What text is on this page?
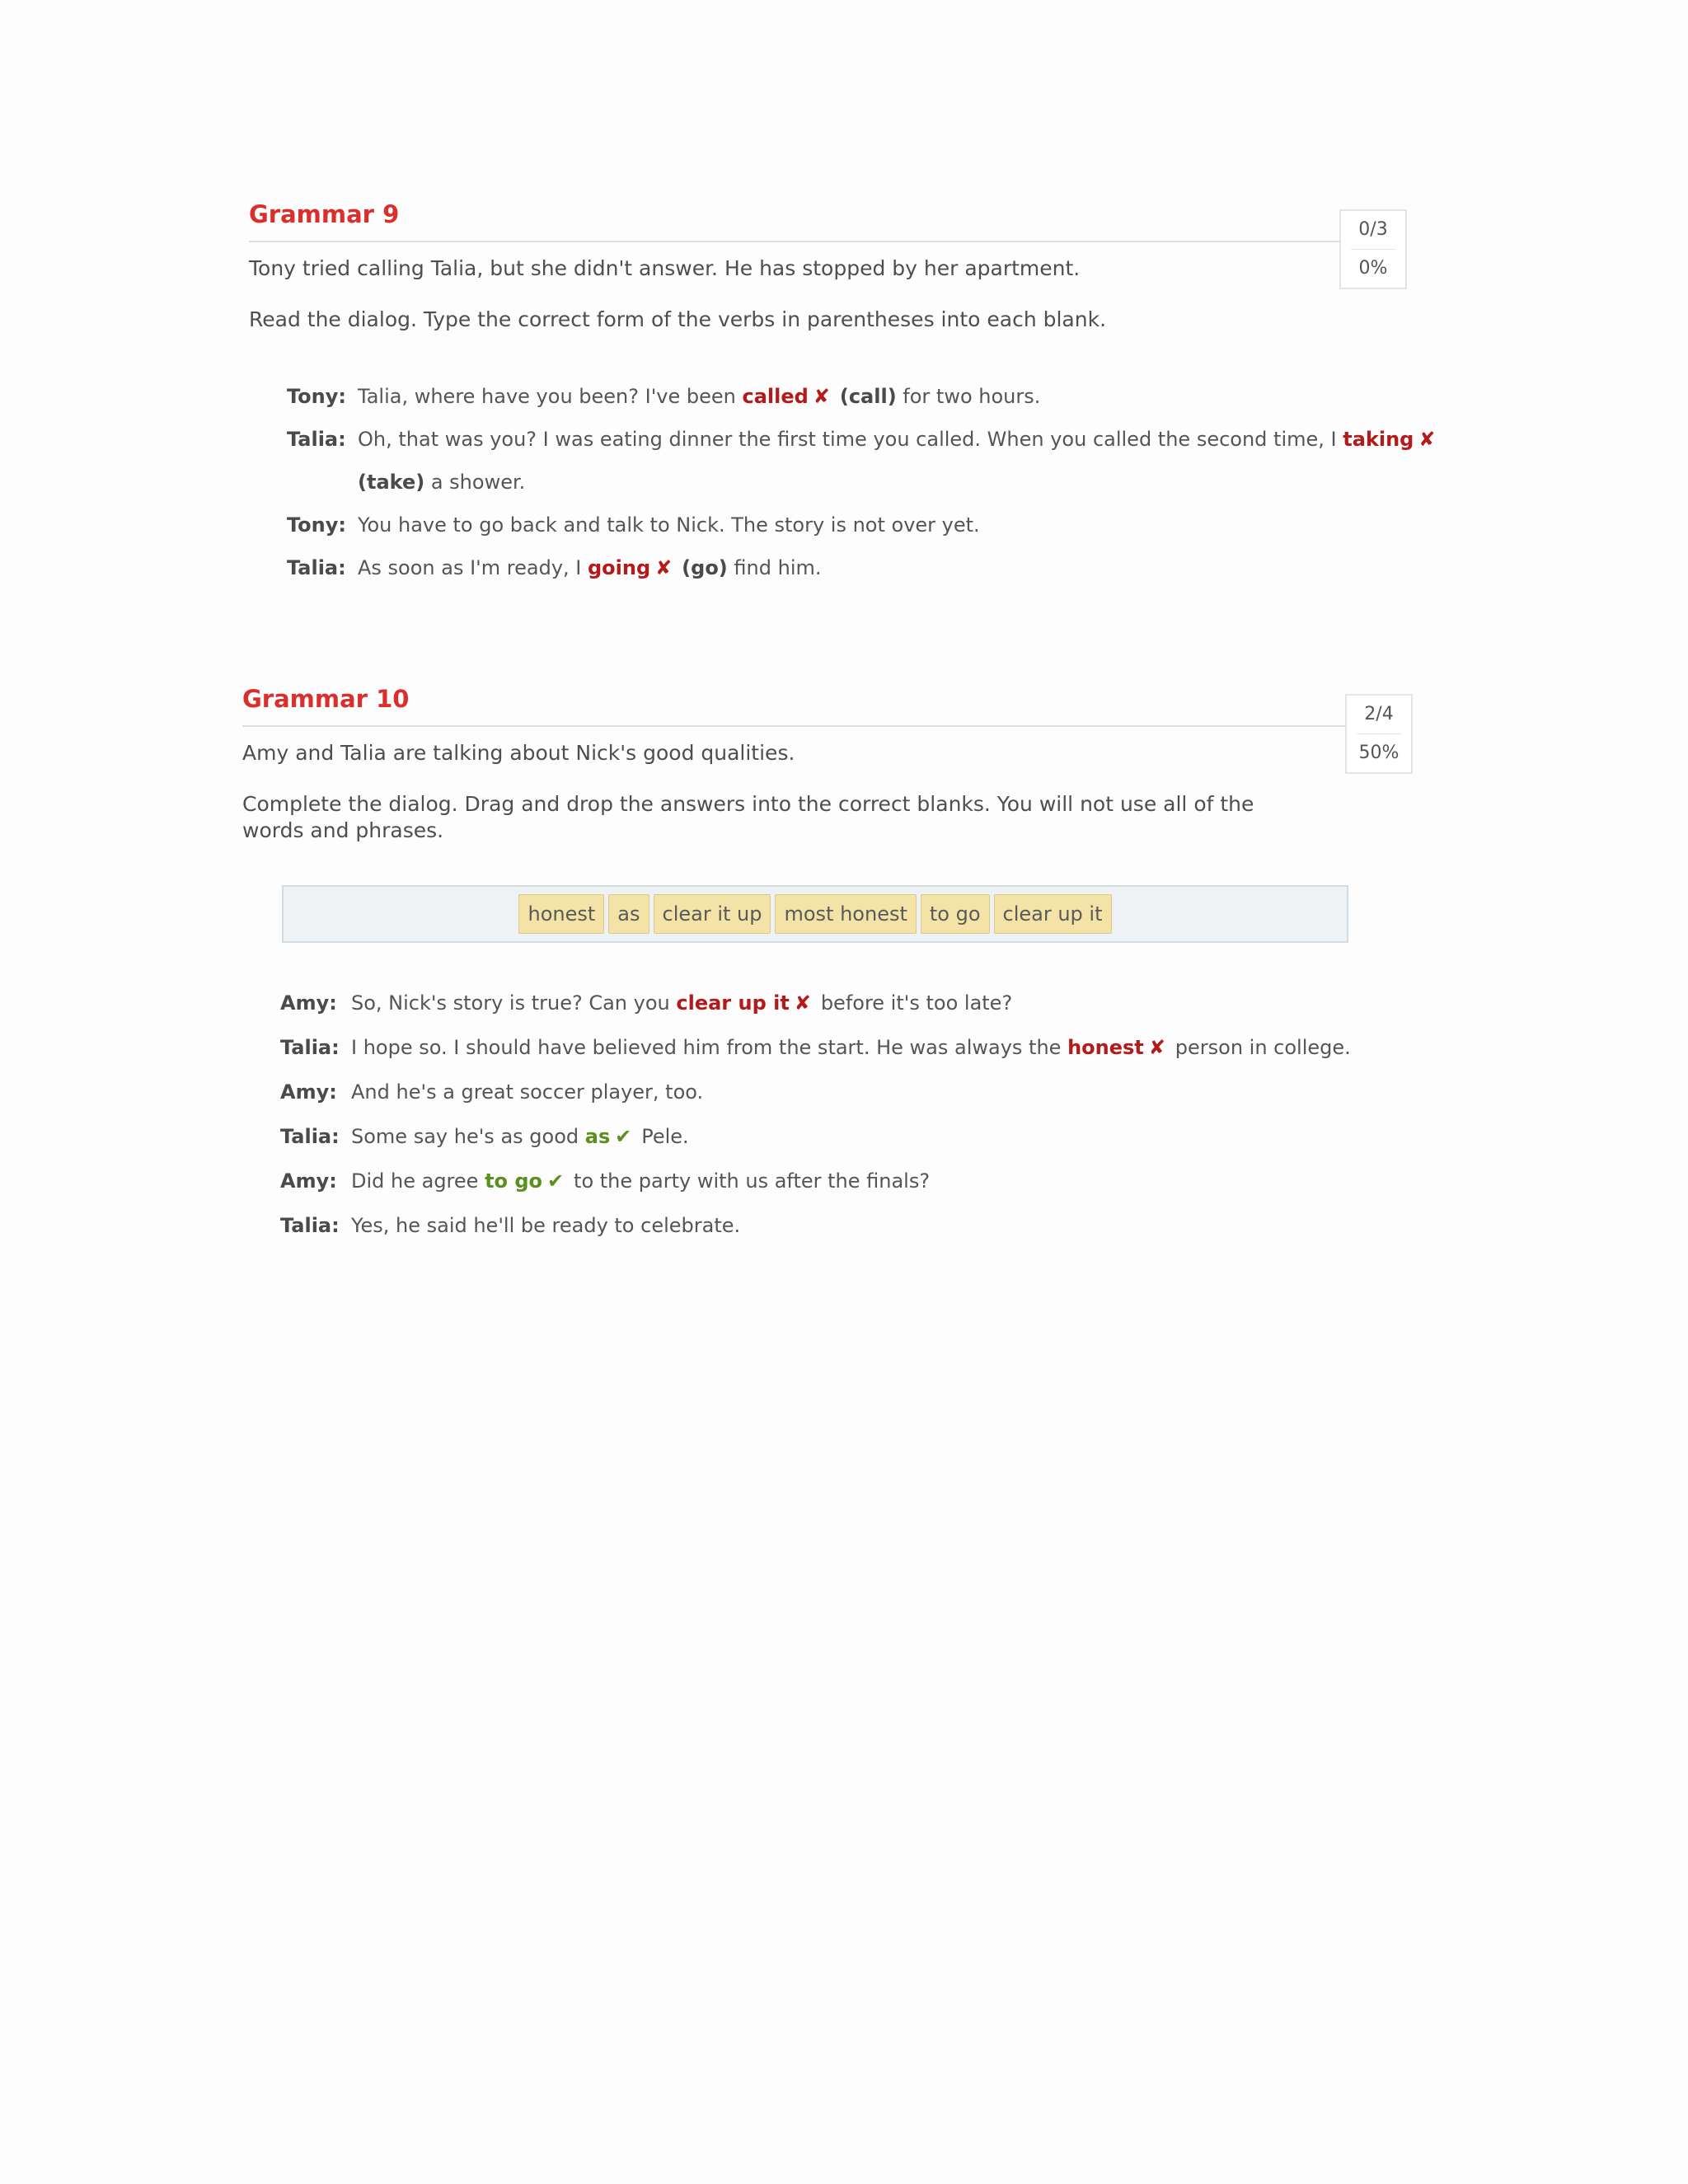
Grammar 9
0/3
0%

Tony tried calling Talia, but she didn't answer. He has stopped by her apartment.

Read the dialog. Type the correct form of the verbs in parentheses into each blank.

Tony: Talia, where have you been? I've been called ✘ (call) for two hours.
Talia: Oh, that was you? I was eating dinner the first time you called. When you called the second time, I taking ✘
(take) a shower.
Tony: You have to go back and talk to Nick. The story is not over yet.
Talia: As soon as I'm ready, I going ✘ (go) find him.
Grammar 10
2/4
50%

Amy and Talia are talking about Nick's good qualities.

Complete the dialog. Drag and drop the answers into the correct blanks. You will not use all of the

words and phrases.

honest	as	clear it up	most honest	to go	clear up it
Amy: So, Nick's story is true? Can you clear up it ✘ before it's too late?
Talia: I hope so. I should have believed him from the start. He was always the honest ✘ person in college.
Amy: And he's a great soccer player, too.
Talia: Some say he's as good as ✔ Pele.
Amy: Did he agree to go ✔ to the party with us after the finals?
Talia: Yes, he said he'll be ready to celebrate.
